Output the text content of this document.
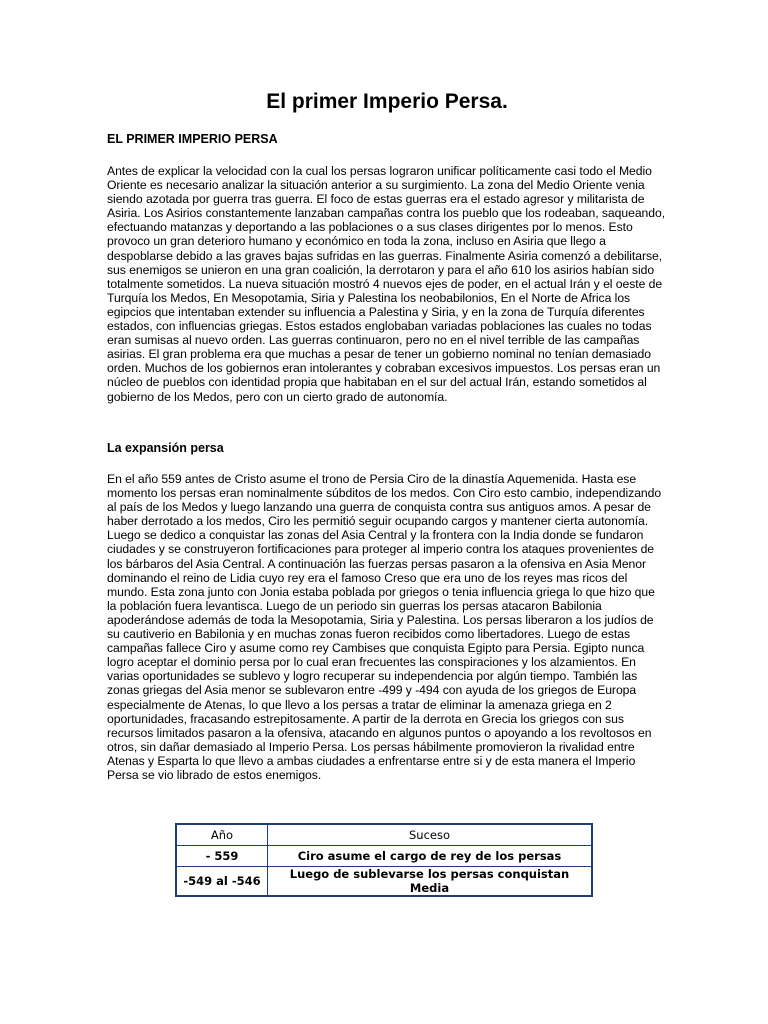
El primer Imperio Persa.
EL PRIMER IMPERIO PERSA

Antes de explicar la velocidad con la cual los persas lograron unificar políticamente casi todo el Medio Oriente es necesario analizar la situación anterior a su surgimiento. La zona del Medio Oriente venia siendo azotada por guerra tras guerra. El foco de estas guerras era el estado agresor y militarista de Asiria. Los Asirios constantemente lanzaban campañas contra los pueblo que los rodeaban, saqueando, efectuando matanzas y deportando a las poblaciones o a sus clases dirigentes por lo menos. Esto provoco un gran deterioro humano y económico en toda la zona, incluso en Asiria que llego a despoblarse debido a las graves bajas sufridas en las guerras. Finalmente Asiria comenzó a debilitarse, sus enemigos se unieron en una gran coalición, la derrotaron y para el año 610 los asirios habían sido totalmente sometidos. La nueva situación mostró 4 nuevos ejes de poder, en el actual Irán y el oeste de Turquía los Medos, En Mesopotamia, Siria y Palestina los neobabilonios, En el Norte de Africa los egipcios que intentaban extender su influencia a Palestina y Siria, y en la zona de Turquía diferentes estados, con influencias griegas. Estos estados englobaban variadas poblaciones las cuales no todas eran sumisas al nuevo orden. Las guerras continuaron, pero no en el nivel terrible de las campañas asirias. El gran problema era que muchas a pesar de tener un gobierno nominal no tenían demasiado orden. Muchos de los gobiernos eran intolerantes y cobraban excesivos impuestos. Los persas eran un núcleo de pueblos con identidad propia que habitaban en el sur del actual Irán, estando sometidos al gobierno de los Medos, pero con un cierto grado de autonomía.

La expansión persa

En el año 559 antes de Cristo asume el trono de Persia Ciro de la dinastía Aquemenida. Hasta ese momento los persas eran nominalmente súbditos de los medos. Con Ciro esto cambio, independizando al país de los Medos y luego lanzando una guerra de conquista contra sus antiguos amos. A pesar de haber derrotado a los medos, Ciro les permitió seguir ocupando cargos y mantener cierta autonomía. Luego se dedico a conquistar las zonas del Asia Central y la frontera con la India donde se fundaron ciudades y se construyeron fortificaciones para proteger al imperio contra los ataques provenientes de los bárbaros del Asia Central. A continuación las fuerzas persas pasaron a la ofensiva en Asia Menor dominando el reino de Lidia cuyo rey era el famoso Creso que era uno de los reyes mas ricos del mundo. Esta zona junto con Jonia estaba poblada por griegos o tenia influencia griega lo que hizo que la población fuera levantisca. Luego de un periodo sin guerras los persas atacaron Babilonia apoderándose además de toda la Mesopotamia, Siria y Palestina. Los persas liberaron a los judíos de su cautiverio en Babilonia y en muchas zonas fueron recibidos como libertadores. Luego de estas campañas fallece Ciro y asume como rey Cambises que conquista Egipto para Persia. Egipto nunca logro aceptar el dominio persa por lo cual eran frecuentes las conspiraciones y los alzamientos. En varias oportunidades se sublevo y logro recuperar su independencia por algún tiempo. También las zonas griegas del Asia menor se sublevaron entre -499 y -494 con ayuda de los griegos de Europa especialmente de Atenas, lo que llevo a los persas a tratar de eliminar la amenaza griega en 2 oportunidades, fracasando estrepitosamente. A partir de la derrota en Grecia los griegos con sus recursos limitados pasaron a la ofensiva, atacando en algunos puntos o apoyando a los revoltosos en otros, sin dañar demasiado al Imperio Persa. Los persas hábilmente promovieron la rivalidad entre Atenas y Esparta lo que llevo a ambas ciudades a enfrentarse entre si y de esta manera el Imperio Persa se vio librado de estos enemigos.

Año	Suceso
- 559	Ciro asume el cargo de rey de los persas
-549 al -546	Luego de sublevarse los persas conquistan Media
